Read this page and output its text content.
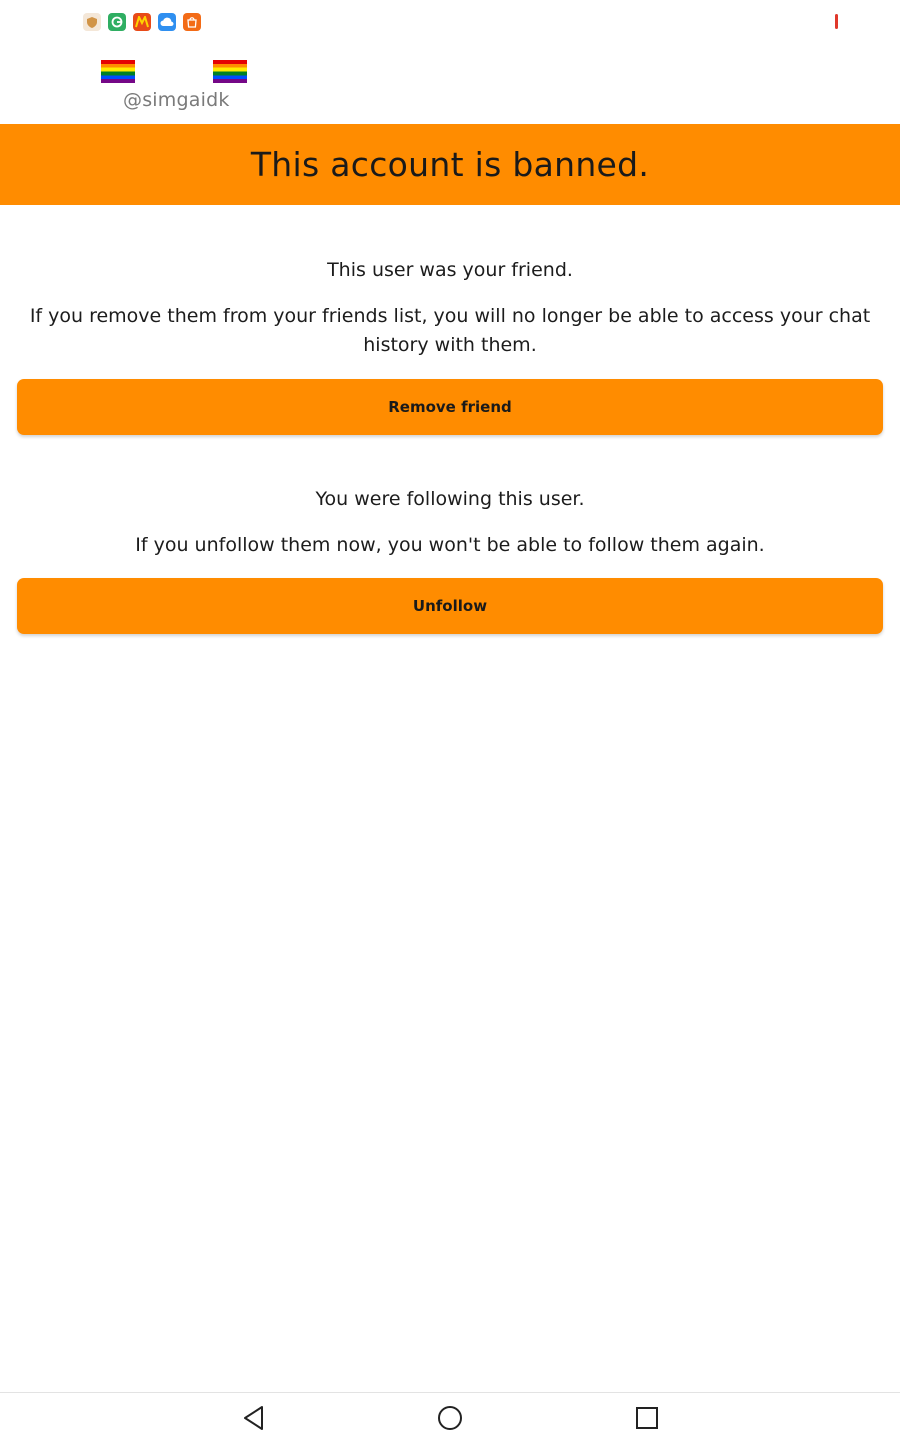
@simgaidk
This account is banned.

This user was your friend.

If you remove them from your friends list, you will no longer be able to access your chat history with them.

Remove friend

You were following this user.

If you unfollow them now, you won't be able to follow them again.

Unfollow
